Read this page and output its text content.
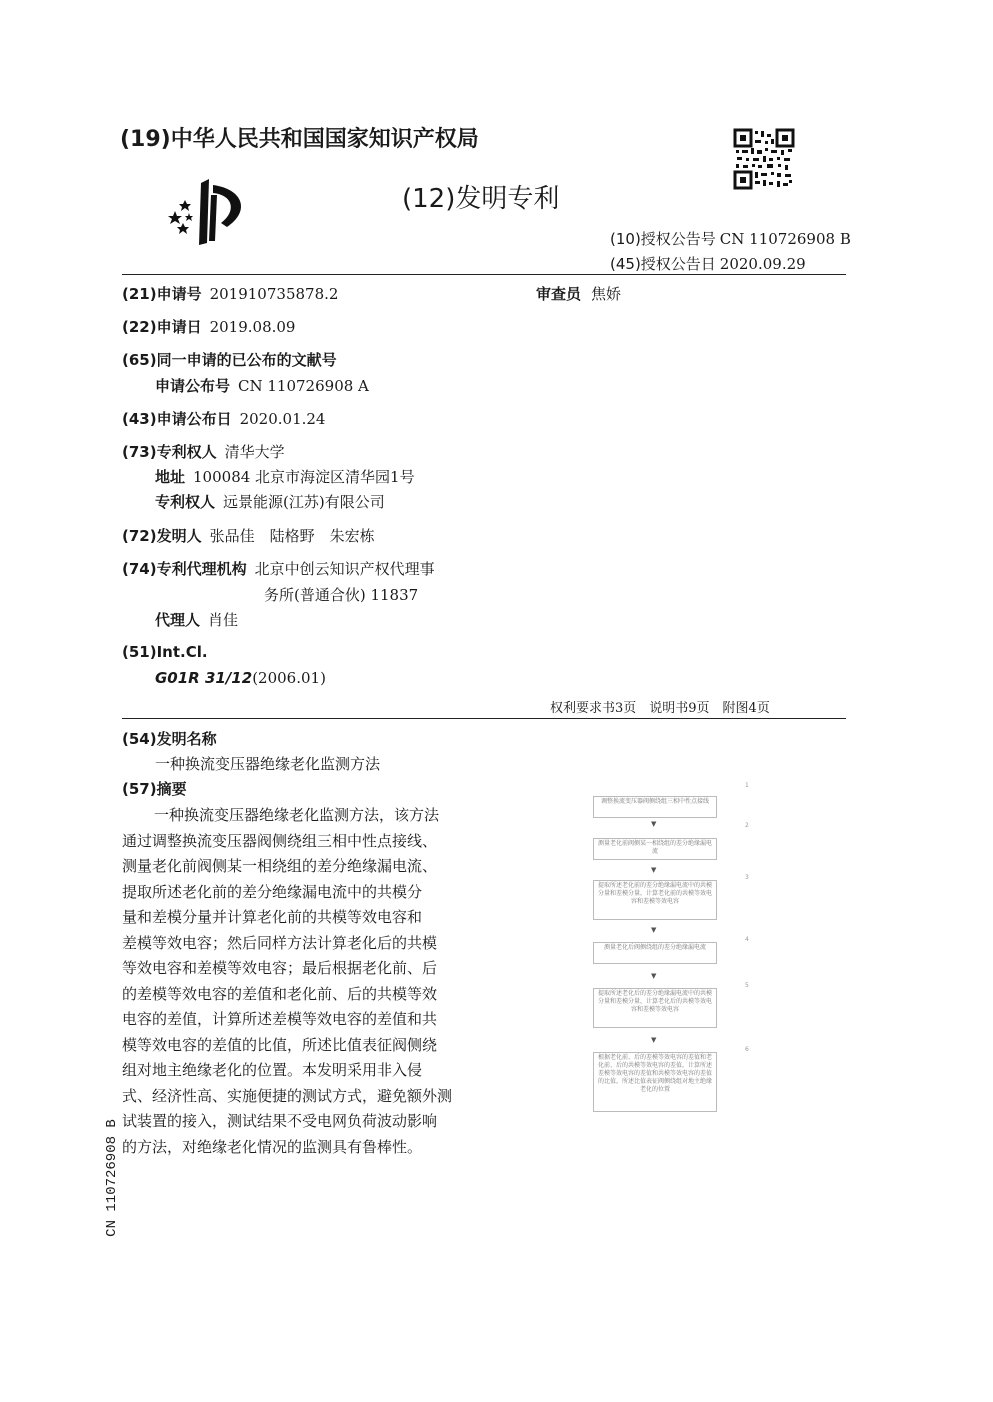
(19)中华人民共和国国家知识产权局
(12)发明专利
(10)授权公告号 CN 110726908 B
(45)授权公告日 2020.09.29
(21)申请号 201910735878.2	审查员 焦娇
(22)申请日 2019.08.09
(65)同一申请的已公布的文献号
申请公布号 CN 110726908 A
(43)申请公布日 2020.01.24
(73)专利权人 清华大学
地址 100084 北京市海淀区清华园1号
专利权人 远景能源(江苏)有限公司
(72)发明人 张品佳　陆格野　朱宏栋
(74)专利代理机构 北京中创云知识产权代理事
务所(普通合伙) 11837
代理人 肖佳
(51)Int.Cl.
G01R 31/12(2006.01)
权利要求书3页　说明书9页　附图4页
(54)发明名称
一种换流变压器绝缘老化监测方法
(57)摘要
一种换流变压器绝缘老化监测方法，该方法
通过调整换流变压器阀侧绕组三相中性点接线、
测量老化前阀侧某一相绕组的差分绝缘漏电流、
提取所述老化前的差分绝缘漏电流中的共模分
量和差模分量并计算老化前的共模等效电容和
差模等效电容；然后同样方法计算老化后的共模
等效电容和差模等效电容；最后根据老化前、后
的差模等效电容的差值和老化前、后的共模等效
电容的差值，计算所述差模等效电容的差值和共
模等效电容的差值的比值，所述比值表征阀侧绕
组对地主绝缘老化的位置。本发明采用非入侵
式、经济性高、实施便捷的测试方式，避免额外测
试装置的接入，测试结果不受电网负荷波动影响
的方法，对绝缘老化情况的监测具有鲁棒性。
1
调整换流变压器阀侧绕组三相中性点接线
▼	2
测量老化前阀侧某一相绕组的差分绝缘漏电流
▼
3
提取所述老化前的差分绝缘漏电流中的共模分量和差模分量，计算老化前的共模等效电容和差模等效电容
▼
4
测量老化后阀侧绕组的差分绝缘漏电流
▼
5
提取所述老化后的差分绝缘漏电流中的共模分量和差模分量，计算老化后的共模等效电容和差模等效电容
▼
6
根据老化前、后的差模等效电容的差值和老化前、后的共模等效电容的差值，计算所述差模等效电容的差值和共模等效电容的差值的比值，所述比值表征阀侧绕组对地主绝缘老化的位置
CN 110726908 B
